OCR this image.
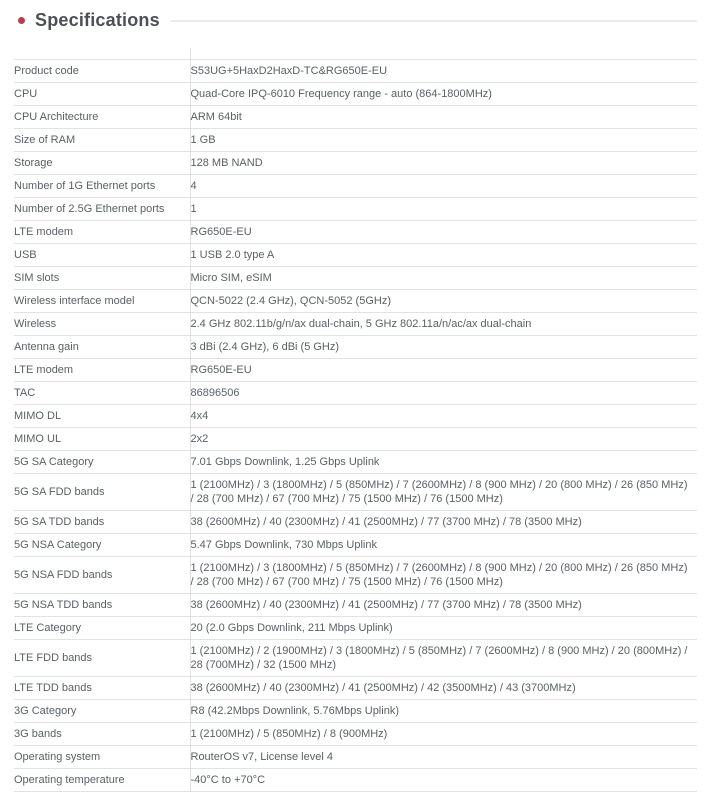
Specifications
Product code	S53UG+5HaxD2HaxD-TC&RG650E-EU
CPU	Quad-Core IPQ-6010 Frequency range - auto (864-1800MHz)
CPU Architecture	ARM 64bit
Size of RAM	1 GB
Storage	128 MB NAND
Number of 1G Ethernet ports	4
Number of 2.5G Ethernet ports	1
LTE modem	RG650E-EU
USB	1 USB 2.0 type A
SIM slots	Micro SIM, eSIM
Wireless interface model	QCN-5022 (2.4 GHz), QCN-5052 (5GHz)
Wireless	2.4 GHz 802.11b/g/n/ax dual-chain, 5 GHz 802.11a/n/ac/ax dual-chain
Antenna gain	3 dBi (2.4 GHz), 6 dBi (5 GHz)
LTE modem	RG650E-EU
TAC	86896506
MIMO DL	4x4
MIMO UL	2x2
5G SA Category	7.01 Gbps Downlink, 1.25 Gbps Uplink
5G SA FDD bands	1 (2100MHz) / 3 (1800MHz) / 5 (850MHz) / 7 (2600MHz) / 8 (900 MHz) / 20 (800 MHz) / 26 (850 MHz) / 28 (700 MHz) / 67 (700 MHz) / 75 (1500 MHz) / 76 (1500 MHz)
5G SA TDD bands	38 (2600MHz) / 40 (2300MHz) / 41 (2500MHz) / 77 (3700 MHz) / 78 (3500 MHz)
5G NSA Category	5.47 Gbps Downlink, 730 Mbps Uplink
5G NSA FDD bands	1 (2100MHz) / 3 (1800MHz) / 5 (850MHz) / 7 (2600MHz) / 8 (900 MHz) / 20 (800 MHz) / 26 (850 MHz) / 28 (700 MHz) / 67 (700 MHz) / 75 (1500 MHz) / 76 (1500 MHz)
5G NSA TDD bands	38 (2600MHz) / 40 (2300MHz) / 41 (2500MHz) / 77 (3700 MHz) / 78 (3500 MHz)
LTE Category	20 (2.0 Gbps Downlink, 211 Mbps Uplink)
LTE FDD bands	1 (2100MHz) / 2 (1900MHz) / 3 (1800MHz) / 5 (850MHz) / 7 (2600MHz) / 8 (900 MHz) / 20 (800MHz) / 28 (700MHz) / 32 (1500 MHz)
LTE TDD bands	38 (2600MHz) / 40 (2300MHz) / 41 (2500MHz) / 42 (3500MHz) / 43 (3700MHz)
3G Category	R8 (42.2Mbps Downlink, 5.76Mbps Uplink)
3G bands	1 (2100MHz) / 5 (850MHz) / 8 (900MHz)
Operating system	RouterOS v7, License level 4
Operating temperature	-40°C to +70°C
